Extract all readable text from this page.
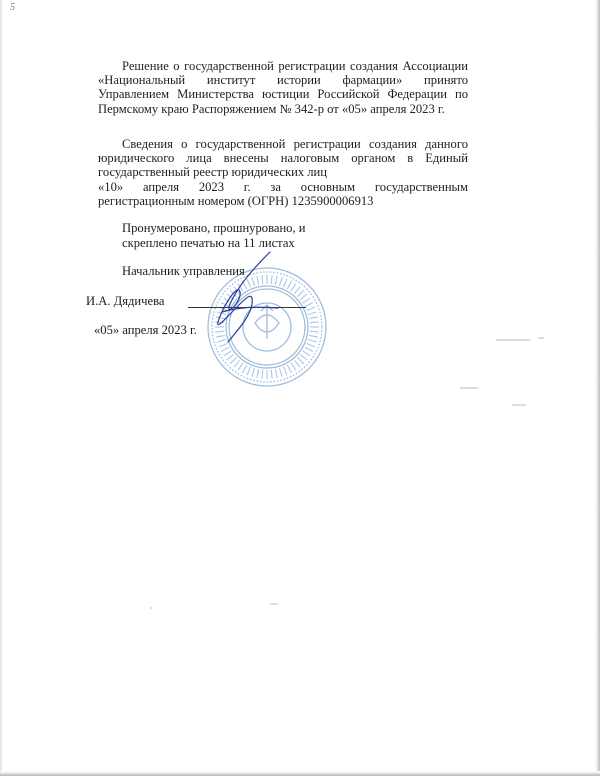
5
Решение о государственной регистрации создания Ассоциации
«Национальный институт истории фармации» принято
Управлением Министерства юстиции Российской Федерации по
Пермскому краю Распоряжением № 342-р от «05» апреля 2023 г.
Сведения о государственной регистрации создания данного
юридического лица внесены налоговым органом в Единый
государственный реестр юридических лиц
«10» апреля 2023 г. за основным государственным
регистрационным номером (ОГРН) 1235900006913
Пронумеровано, прошнуровано, и
скреплено печатью на 11 листах
Начальник управления
И.А. Дядичева
«05» апреля 2023 г.
